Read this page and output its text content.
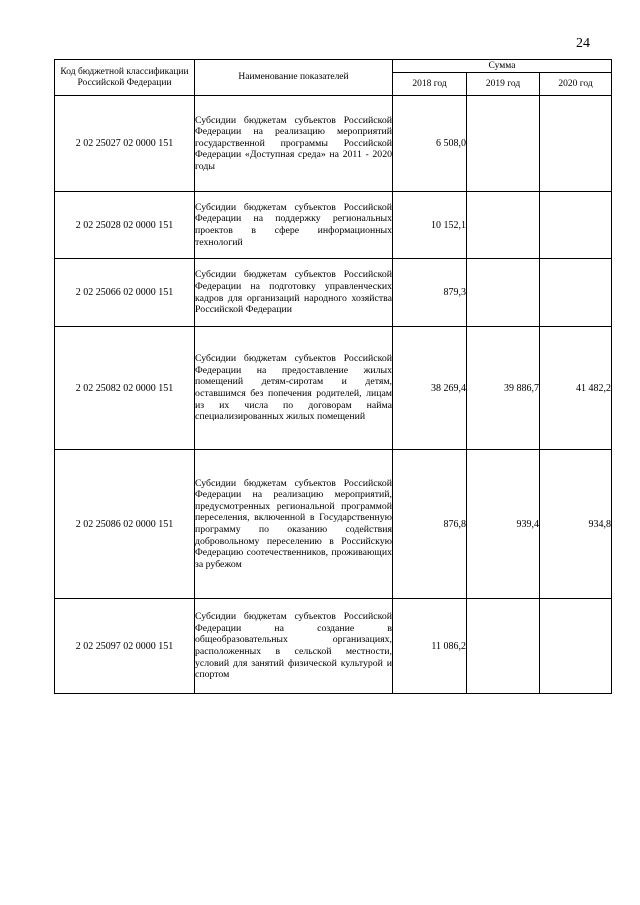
24
Код бюджетной классификации Российской Федерации	Наименование показателей	Сумма		
		2018 год	2019 год	2020 год
2 02 25027 02 0000 151	Субсидии бюджетам субъектов Российской Федерации на реализацию мероприятий государственной программы Российской Федерации «Доступная среда» на 2011 - 2020 годы	6 508,0		
2 02 25028 02 0000 151	Субсидии бюджетам субъектов Российской Федерации на поддержку региональных проектов в сфере информационных технологий	10 152,1		
2 02 25066 02 0000 151	Субсидии бюджетам субъектов Российской Федерации на подготовку управленческих кадров для организаций народного хозяйства Российской Федерации	879,3		
2 02 25082 02 0000 151	Субсидии бюджетам субъектов Российской Федерации на предоставление жилых помещений детям-сиротам и детям, оставшимся без попечения родителей, лицам из их числа по договорам найма специализированных жилых помещений	38 269,4	39 886,7	41 482,2
2 02 25086 02 0000 151	Субсидии бюджетам субъектов Российской Федерации на реализацию мероприятий, предусмотренных региональной программой переселения, включенной в Государственную программу по оказанию содействия добровольному переселению в Российскую Федерацию соотечественников, проживающих за рубежом	876,8	939,4	934,8
2 02 25097 02 0000 151	Субсидии бюджетам субъектов Российской Федерации на создание в общеобразовательных организациях, расположенных в сельской местности, условий для занятий физической культурой и спортом	11 086,2		
